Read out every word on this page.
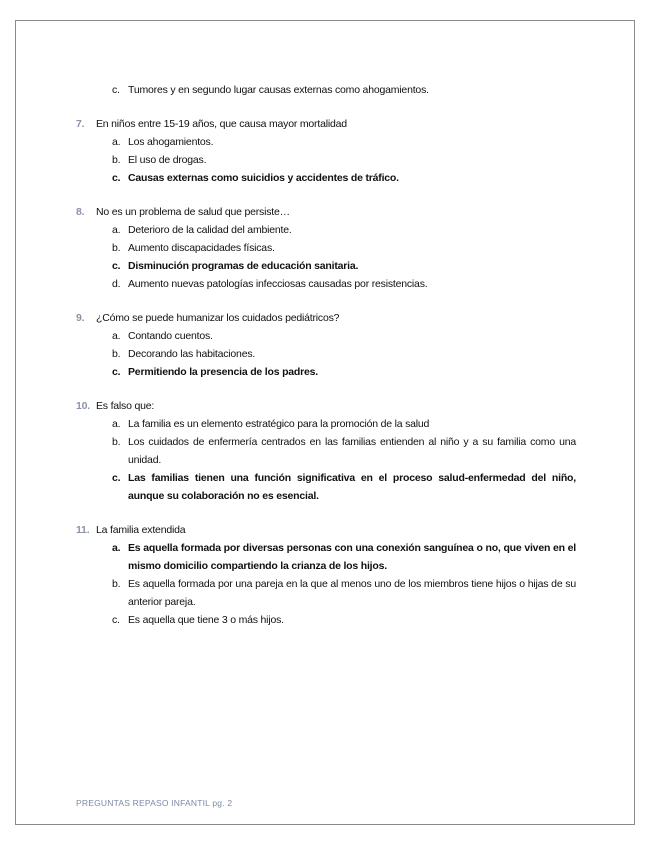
c. Tumores y en segundo lugar causas externas como ahogamientos.
7. En niños entre 15-19 años, que causa mayor mortalidad
a. Los ahogamientos.
b. El uso de drogas.
c. Causas externas como suicidios y accidentes de tráfico.
8. No es un problema de salud que persiste…
a. Deterioro de la calidad del ambiente.
b. Aumento discapacidades físicas.
c. Disminución programas de educación sanitaria.
d. Aumento nuevas patologías infecciosas causadas por resistencias.
9. ¿Cómo se puede humanizar los cuidados pediátricos?
a. Contando cuentos.
b. Decorando las habitaciones.
c. Permitiendo la presencia de los padres.
10. Es falso que:
a. La familia es un elemento estratégico para la promoción de la salud
b. Los cuidados de enfermería centrados en las familias entienden al niño y a su familia como una unidad.
c. Las familias tienen una función significativa en el proceso salud-enfermedad del niño, aunque su colaboración no es esencial.
11. La familia extendida
a. Es aquella formada por diversas personas con una conexión sanguínea o no, que viven en el mismo domicilio compartiendo la crianza de los hijos.
b. Es aquella formada por una pareja en la que al menos uno de los miembros tiene hijos o hijas de su anterior pareja.
c. Es aquella que tiene 3 o más hijos.
PREGUNTAS REPASO INFANTIL pg. 2
